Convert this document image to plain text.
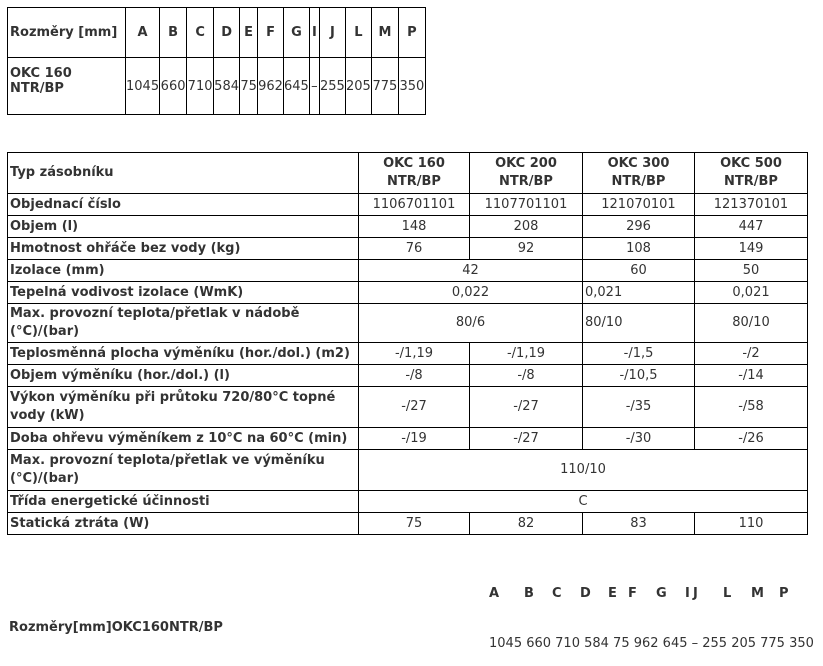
Rozměry [mm]	A	B	C	D	E	F	G	I	J	L	M	P
OKC 160 NTR/BP	1045	660	710	584	75	962	645	–	255	205	775	350
Typ zásobníku	OKC 160 NTR/BP	OKC 200 NTR/BP	OKC 300 NTR/BP	OKC 500 NTR/BP
Objednací číslo	1106701101	1107701101	121070101	121370101
Objem (l)	148	208	296	447
Hmotnost ohřáče bez vody (kg)	76	92	108	149
Izolace (mm)	42		60	50
Tepelná vodivost izolace (WmK)	0,022		0,021	0,021
Max. provozní teplota/přetlak v nádobě (°C)/(bar)	80/6		80/10	80/10
Teplosměnná plocha výměníku (hor./dol.) (m2)	-/1,19	-/1,19	-/1,5	-/2
Objem výměníku (hor./dol.) (l)	-/8	-/8	-/10,5	-/14
Výkon výměníku při průtoku 720/80°C topné vody (kW)	-/27	-/27	-/35	-/58
Doba ohřevu výměníkem z 10°C na 60°C (min)	-/19	-/27	-/30	-/26
Max. provozní teplota/přetlak ve výměníku (°C)/(bar)	110/10			
Třída energetické účinnosti	C			
Statická ztráta (W)	75	82	83	110
Rozměry[mm]OKC160NTR/BP
A B C D E F G I J L M P
1045 660 710 584 75 962 645 – 255 205 775 350
